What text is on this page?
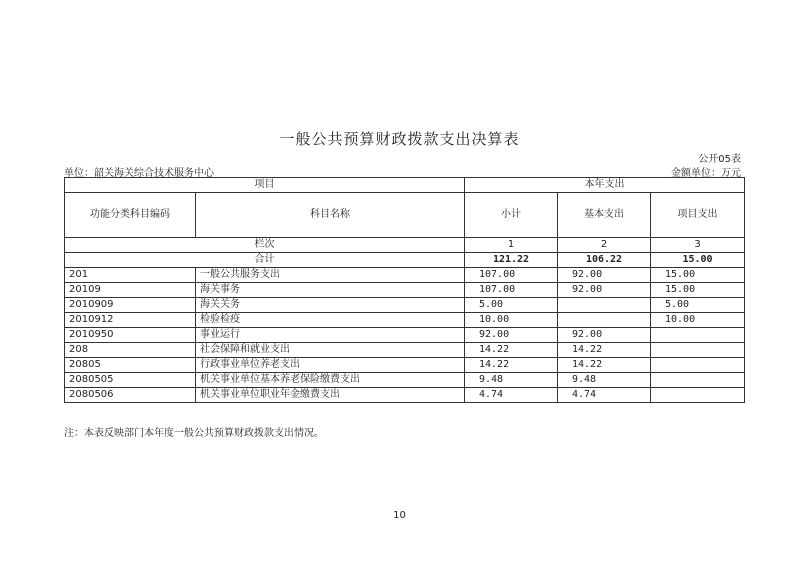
一般公共预算财政拨款支出决算表
公开05表
单位：韶关海关综合技术服务中心	金额单位：万元
项目		本年支出		
功能分类科目编码	科目名称	小计	基本支出	项目支出
栏次		1	2	3
合计		121.22	106.22	15.00
201	一般公共服务支出	107.00	92.00	15.00
20109	海关事务	107.00	92.00	15.00
2010909	海关关务	5.00		5.00
2010912	检验检疫	10.00		10.00
2010950	事业运行	92.00	92.00	
208	社会保障和就业支出	14.22	14.22	
20805	行政事业单位养老支出	14.22	14.22	
2080505	机关事业单位基本养老保险缴费支出	9.48	9.48	
2080506	机关事业单位职业年金缴费支出	4.74	4.74	
注：本表反映部门本年度一般公共预算财政拨款支出情况。
10
